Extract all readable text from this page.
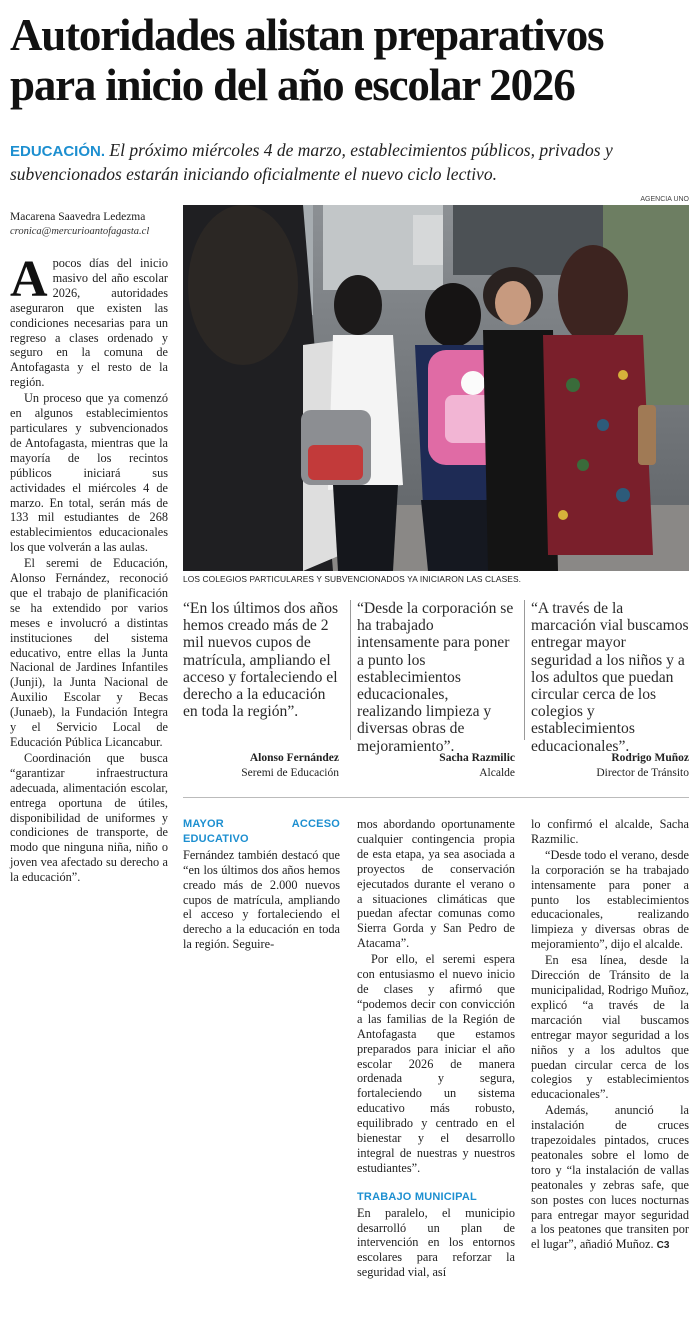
Autoridades alistan preparativos
para inicio del año escolar 2026
EDUCACIÓN. El próximo miércoles 4 de marzo, establecimientos públicos, privados y subvencionados estarán iniciando oficialmente el nuevo ciclo lectivo.
AGENCIA UNO
Macarena Saavedra Ledezma
cronica@mercurioantofagasta.cl

Apocos días del inicio masivo del año escolar 2026, autoridades aseguraron que existen las condiciones necesarias para un regreso a clases ordenado y seguro en la comuna de Antofagasta y el resto de la región.

Un proceso que ya comenzó en algunos establecimientos particulares y subvencionados de Antofagasta, mientras que la mayoría de los recintos públicos iniciará sus actividades el miércoles 4 de marzo. En total, serán más de 133 mil estudiantes de 268 establecimientos educacionales los que volverán a las aulas.

El seremi de Educación, Alonso Fernández, reconoció que el trabajo de planificación se ha extendido por varios meses e involucró a distintas instituciones del sistema educativo, entre ellas la Junta Nacional de Jardines Infantiles (Junji), la Junta Nacional de Auxilio Escolar y Becas (Junaeb), la Fundación Integra y el Servicio Local de Educación Pública Licancabur.

Coordinación que busca “garantizar infraestructura adecuada, alimentación escolar, entrega oportuna de útiles, disponibilidad de uniformes y condiciones de transporte, de modo que ninguna niña, niño o joven vea afectado su derecho a la educación”.

LOS COLEGIOS PARTICULARES Y SUBVENCIONADOS YA INICIARON LAS CLASES.
“En los últimos dos años hemos creado más de 2 mil nuevos cupos de matrícula, ampliando el acceso y fortaleciendo el derecho a la educación en toda la región”.
“Desde la corporación se ha trabajado intensamente para poner a punto los establecimientos educacionales, realizando limpieza y diversas obras de mejoramiento”.
“A través de la marcación vial buscamos entregar mayor seguridad a los niños y a los adultos que puedan circular cerca de los colegios y establecimientos educacionales”.
Alonso Fernández
Seremi de Educación
Sacha Razmilic
Alcalde
Rodrigo Muñoz
Director de Tránsito
MAYOR ACCESO EDUCATIVO

Fernández también destacó que “en los últimos dos años hemos creado más de 2.000 nuevos cupos de matrícula, ampliando el acceso y fortaleciendo el derecho a la educación en toda la región. Seguire-

mos abordando oportunamente cualquier contingencia propia de esta etapa, ya sea asociada a proyectos de conservación ejecutados durante el verano o a situaciones climáticas que puedan afectar comunas como Sierra Gorda y San Pedro de Atacama”.

Por ello, el seremi espera con entusiasmo el nuevo inicio de clases y afirmó que “podemos decir con convicción a las familias de la Región de Antofagasta que estamos preparados para iniciar el año escolar 2026 de manera ordenada y segura, fortaleciendo un sistema educativo más robusto, equilibrado y centrado en el bienestar y el desarrollo integral de nuestras y nuestros estudiantes”.

TRABAJO MUNICIPAL

En paralelo, el municipio desarrolló un plan de intervención en los entornos escolares para reforzar la seguridad vial, así

lo confirmó el alcalde, Sacha Razmilic.

“Desde todo el verano, desde la corporación se ha trabajado intensamente para poner a punto los establecimientos educacionales, realizando limpieza y diversas obras de mejoramiento”, dijo el alcalde.

En esa línea, desde la Dirección de Tránsito de la municipalidad, Rodrigo Muñoz, explicó “a través de la marcación vial buscamos entregar mayor seguridad a los niños y a los adultos que puedan circular cerca de los colegios y establecimientos educacionales”.

Además, anunció la instalación de cruces trapezoidales pintados, cruces peatonales sobre el lomo de toro y “la instalación de vallas peatonales y zebras safe, que son postes con luces nocturnas para entregar mayor seguridad a los peatones que transiten por el lugar”, añadió Muñoz. C3
